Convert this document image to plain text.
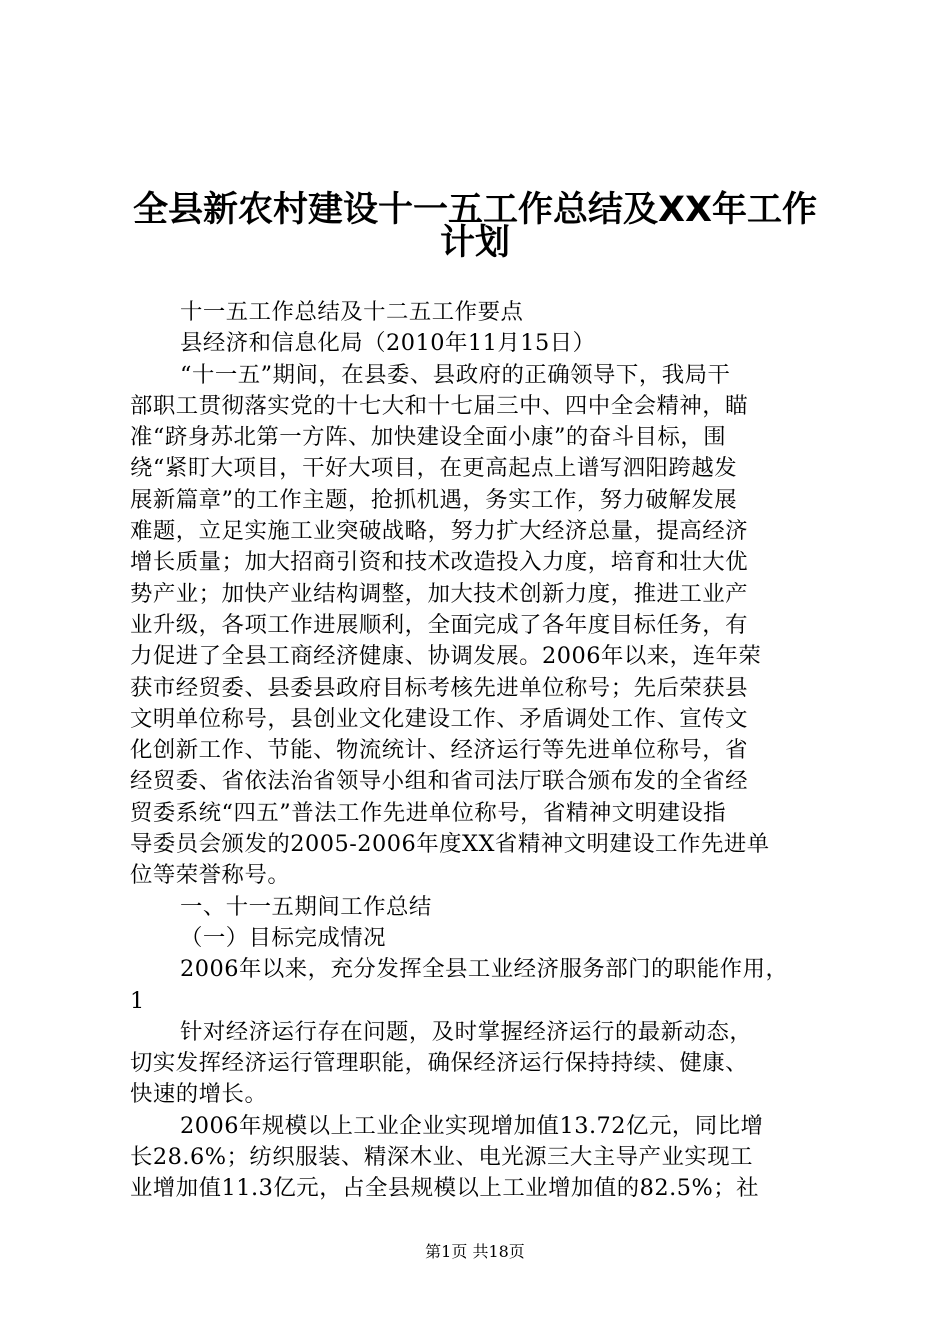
全县新农村建设十一五工作总结及XX年工作
计划
十一五工作总结及十二五工作要点
县经济和信息化局（2010年11月15日）
“十一五”期间，在县委、县政府的正确领导下，我局干
部职工贯彻落实党的十七大和十七届三中、四中全会精神，瞄
准“跻身苏北第一方阵、加快建设全面小康”的奋斗目标，围
绕“紧盯大项目，干好大项目，在更高起点上谱写泗阳跨越发
展新篇章”的工作主题，抢抓机遇，务实工作，努力破解发展
难题，立足实施工业突破战略，努力扩大经济总量，提高经济
增长质量；加大招商引资和技术改造投入力度，培育和壮大优
势产业；加快产业结构调整，加大技术创新力度，推进工业产
业升级，各项工作进展顺利，全面完成了各年度目标任务，有
力促进了全县工商经济健康、协调发展。2006年以来，连年荣
获市经贸委、县委县政府目标考核先进单位称号；先后荣获县
文明单位称号，县创业文化建设工作、矛盾调处工作、宣传文
化创新工作、节能、物流统计、经济运行等先进单位称号，省
经贸委、省依法治省领导小组和省司法厅联合颁布发的全省经
贸委系统“四五”普法工作先进单位称号，省精神文明建设指
导委员会颁发的2005-2006年度XX省精神文明建设工作先进单
位等荣誉称号。
一、十一五期间工作总结
（一）目标完成情况
2006年以来，充分发挥全县工业经济服务部门的职能作用，
1
针对经济运行存在问题，及时掌握经济运行的最新动态，
切实发挥经济运行管理职能，确保经济运行保持持续、健康、
快速的增长。
2006年规模以上工业企业实现增加值13.72亿元，同比增
长28.6%；纺织服装、精深木业、电光源三大主导产业实现工
业增加值11.3亿元，占全县规模以上工业增加值的82.5%；社
第1页 共18页
